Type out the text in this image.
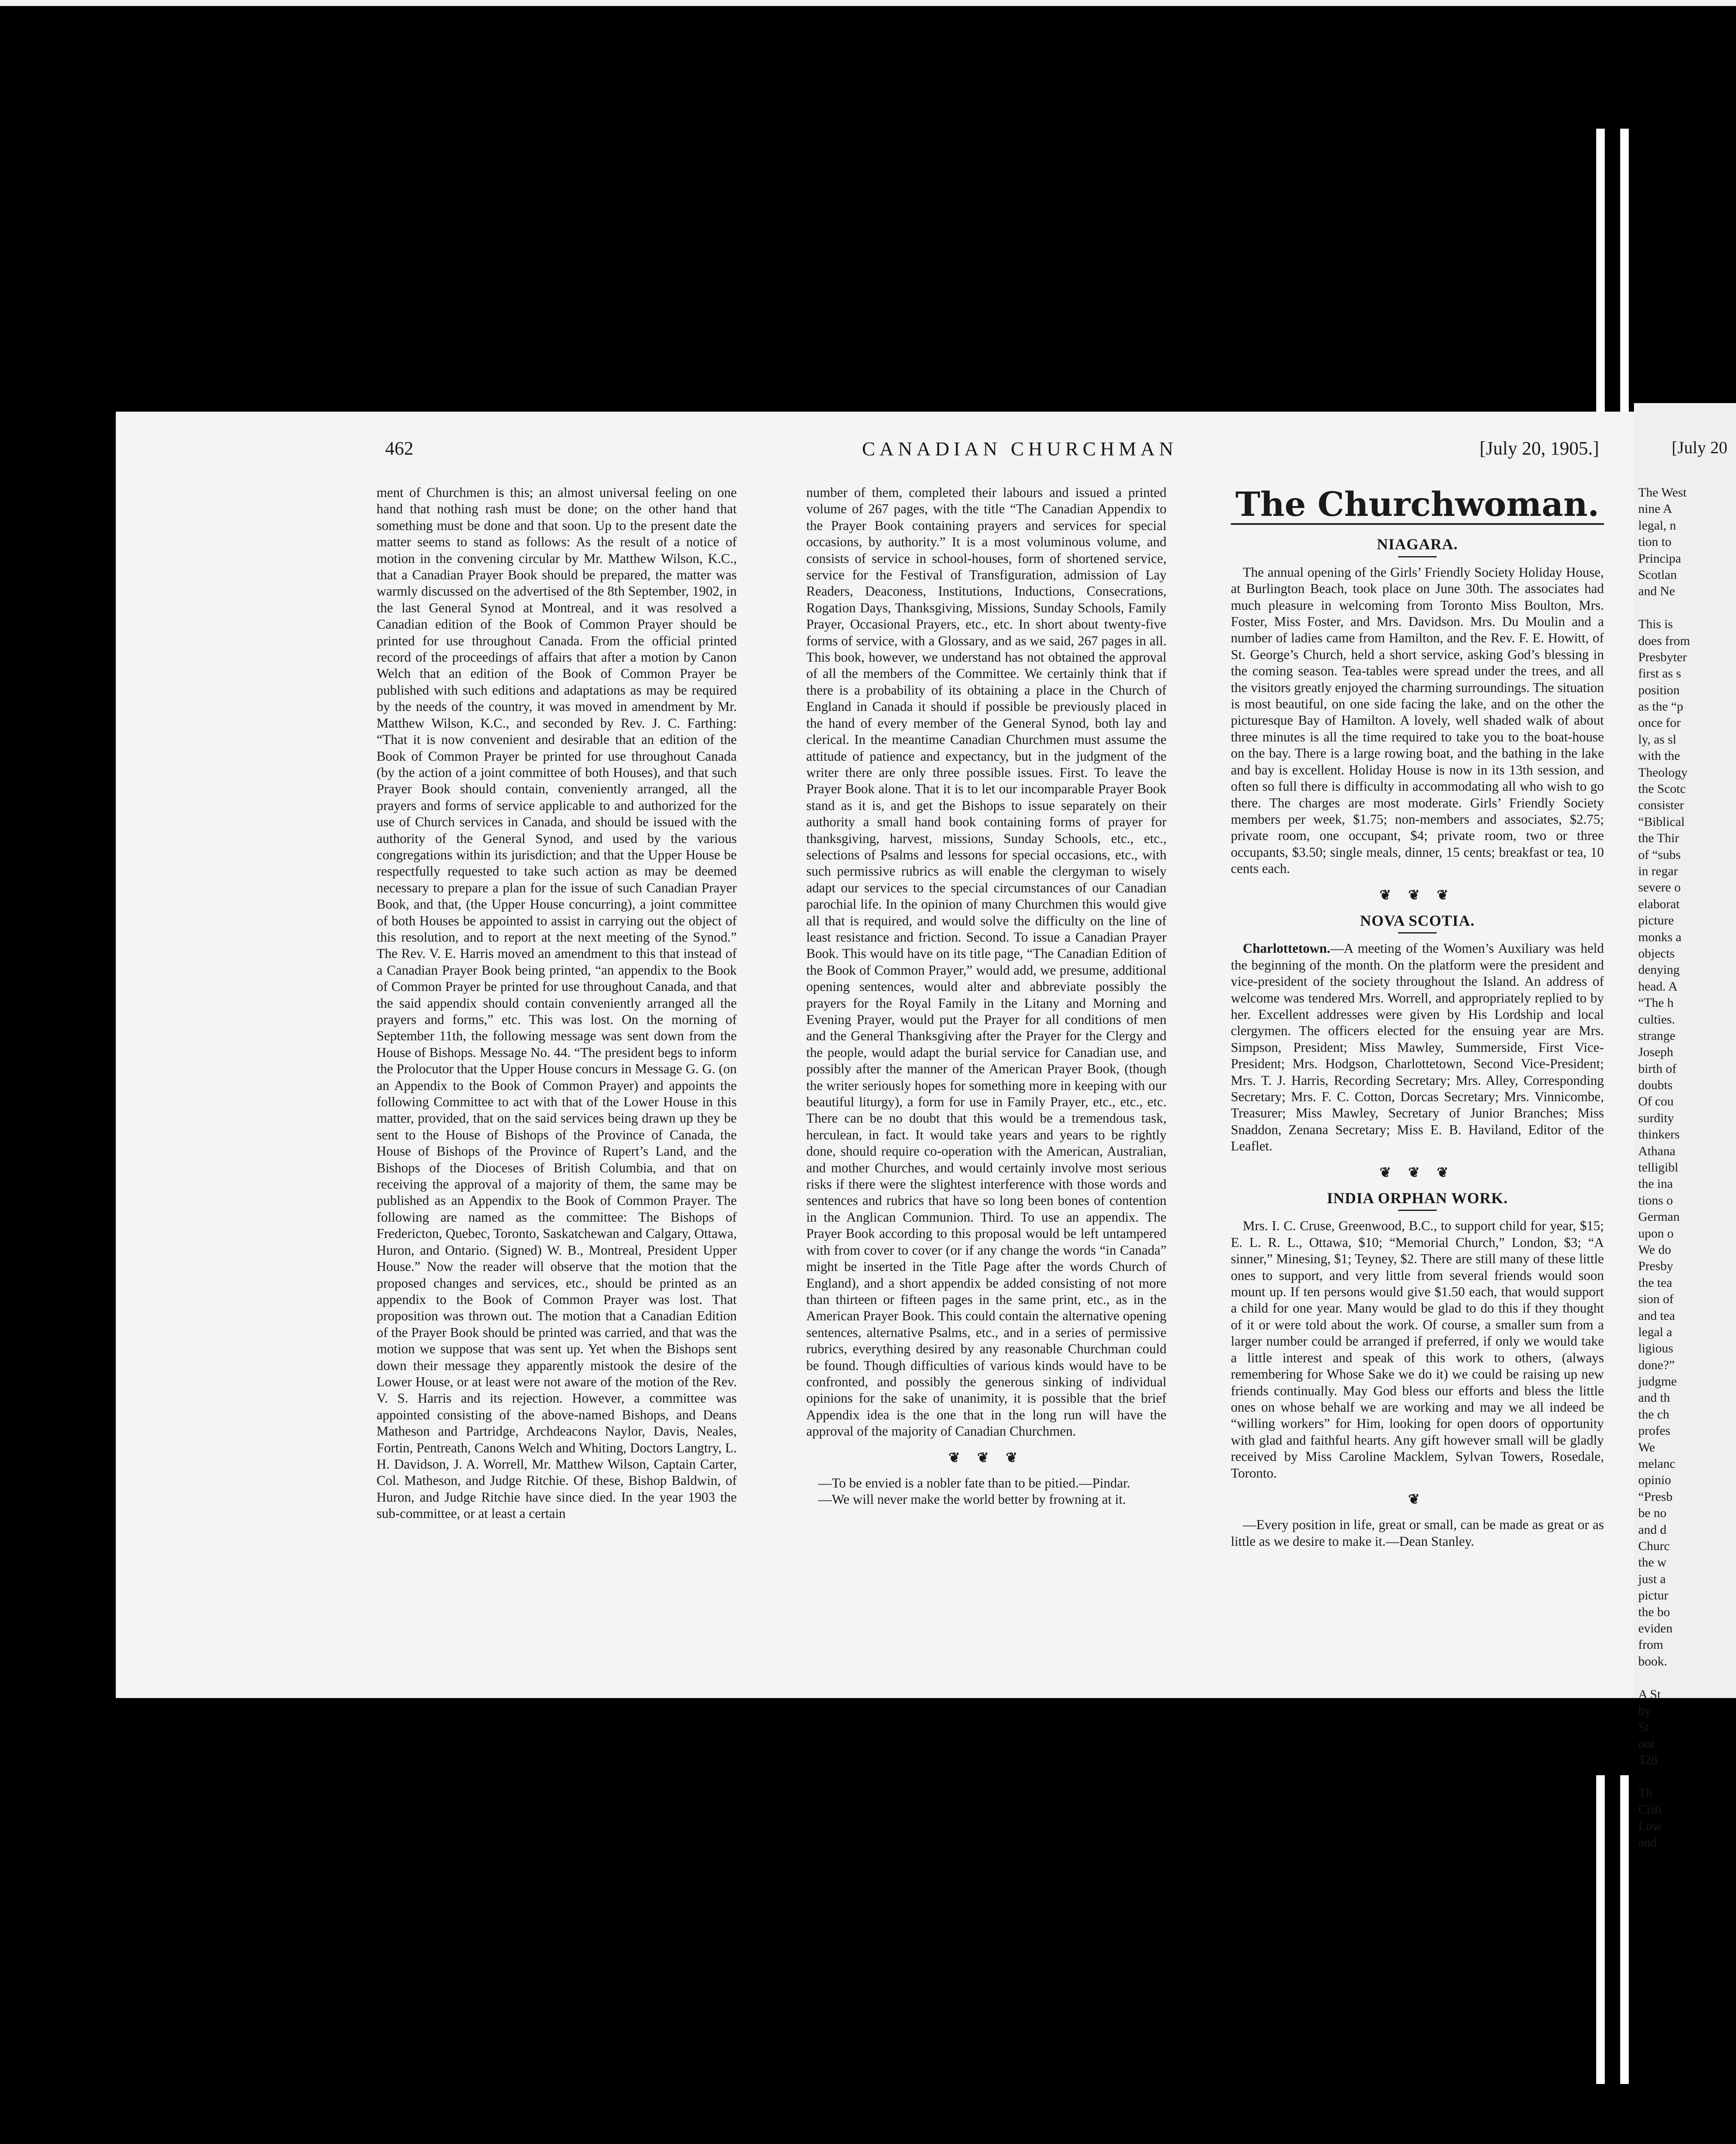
462	CANADIAN CHURCHMAN	[July 20, 1905.]

ment of Churchmen is this; an almost universal feeling on one hand that nothing rash must be done; on the other hand that something must be done and that soon. Up to the present date the matter seems to stand as follows: As the result of a notice of motion in the convening circular by Mr. Matthew Wilson, K.C., that a Canadian Prayer Book should be prepared, the matter was warmly discussed on the advertised of the 8th September, 1902, in the last General Synod at Montreal, and it was resolved a Canadian edition of the Book of Common Prayer should be printed for use throughout Canada. From the official printed record of the proceedings of affairs that after a motion by Canon Welch that an edition of the Book of Common Prayer be published with such editions and adaptations as may be required by the needs of the country, it was moved in amendment by Mr. Matthew Wilson, K.C., and seconded by Rev. J. C. Farthing: “That it is now convenient and desirable that an edition of the Book of Common Prayer be printed for use throughout Canada (by the action of a joint committee of both Houses), and that such Prayer Book should contain, conveniently arranged, all the prayers and forms of service applicable to and authorized for the use of Church services in Canada, and should be issued with the authority of the General Synod, and used by the various congregations within its jurisdiction; and that the Upper House be respectfully requested to take such action as may be deemed necessary to prepare a plan for the issue of such Canadian Prayer Book, and that, (the Upper House concurring), a joint committee of both Houses be appointed to assist in carrying out the object of this resolution, and to report at the next meeting of the Synod.” The Rev. V. E. Harris moved an amendment to this that instead of a Canadian Prayer Book being printed, “an appendix to the Book of Common Prayer be printed for use throughout Canada, and that the said appendix should contain conveniently arranged all the prayers and forms,” etc. This was lost. On the morning of September 11th, the following message was sent down from the House of Bishops. Message No. 44. “The president begs to inform the Prolocutor that the Upper House concurs in Message G. G. (on an Appendix to the Book of Common Prayer) and appoints the following Committee to act with that of the Lower House in this matter, provided, that on the said services being drawn up they be sent to the House of Bishops of the Province of Canada, the House of Bishops of the Province of Rupert’s Land, and the Bishops of the Dioceses of British Columbia, and that on receiving the approval of a majority of them, the same may be published as an Appendix to the Book of Common Prayer. The following are named as the committee: The Bishops of Fredericton, Quebec, Toronto, Saskatchewan and Calgary, Ottawa, Huron, and Ontario. (Signed) W. B., Montreal, President Upper House.” Now the reader will observe that the motion that the proposed changes and services, etc., should be printed as an appendix to the Book of Common Prayer was lost. That proposition was thrown out. The motion that a Canadian Edition of the Prayer Book should be printed was carried, and that was the motion we suppose that was sent up. Yet when the Bishops sent down their message they apparently mistook the desire of the Lower House, or at least were not aware of the motion of the Rev. V. S. Harris and its rejection. However, a committee was appointed consisting of the above-named Bishops, and Deans Matheson and Partridge, Archdeacons Naylor, Davis, Neales, Fortin, Pentreath, Canons Welch and Whiting, Doctors Langtry, L. H. Davidson, J. A. Worrell, Mr. Matthew Wilson, Captain Carter, Col. Matheson, and Judge Ritchie. Of these, Bishop Baldwin, of Huron, and Judge Ritchie have since died. In the year 1903 the sub-committee, or at least a certain

number of them, completed their labours and issued a printed volume of 267 pages, with the title “The Canadian Appendix to the Prayer Book containing prayers and services for special occasions, by authority.” It is a most voluminous volume, and consists of service in school-houses, form of shortened service, service for the Festival of Transfiguration, admission of Lay Readers, Deaconess, Institutions, Inductions, Consecrations, Rogation Days, Thanksgiving, Missions, Sunday Schools, Family Prayer, Occasional Prayers, etc., etc. In short about twenty-five forms of service, with a Glossary, and as we said, 267 pages in all. This book, however, we understand has not obtained the approval of all the members of the Committee. We certainly think that if there is a probability of its obtaining a place in the Church of England in Canada it should if possible be previously placed in the hand of every member of the General Synod, both lay and clerical. In the meantime Canadian Churchmen must assume the attitude of patience and expectancy, but in the judgment of the writer there are only three possible issues. First. To leave the Prayer Book alone. That it is to let our incomparable Prayer Book stand as it is, and get the Bishops to issue separately on their authority a small hand book containing forms of prayer for thanksgiving, harvest, missions, Sunday Schools, etc., etc., selections of Psalms and lessons for special occasions, etc., with such permissive rubrics as will enable the clergyman to wisely adapt our services to the special circumstances of our Canadian parochial life. In the opinion of many Churchmen this would give all that is required, and would solve the difficulty on the line of least resistance and friction. Second. To issue a Canadian Prayer Book. This would have on its title page, “The Canadian Edition of the Book of Common Prayer,” would add, we presume, additional opening sentences, would alter and abbreviate possibly the prayers for the Royal Family in the Litany and Morning and Evening Prayer, would put the Prayer for all conditions of men and the General Thanksgiving after the Prayer for the Clergy and the people, would adapt the burial service for Canadian use, and possibly after the manner of the American Prayer Book, (though the writer seriously hopes for something more in keeping with our beautiful liturgy), a form for use in Family Prayer, etc., etc., etc. There can be no doubt that this would be a tremendous task, herculean, in fact. It would take years and years to be rightly done, should require co-operation with the American, Australian, and mother Churches, and would certainly involve most serious risks if there were the slightest interference with those words and sentences and rubrics that have so long been bones of contention in the Anglican Communion. Third. To use an appendix. The Prayer Book according to this proposal would be left untampered with from cover to cover (or if any change the words “in Canada” might be inserted in the Title Page after the words Church of England), and a short appendix be added consisting of not more than thirteen or fifteen pages in the same print, etc., as in the American Prayer Book. This could contain the alternative opening sentences, alternative Psalms, etc., and in a series of permissive rubrics, everything desired by any reasonable Churchman could be found. Though difficulties of various kinds would have to be confronted, and possibly the generous sinking of individual opinions for the sake of unanimity, it is possible that the brief Appendix idea is the one that in the long run will have the approval of the majority of Canadian Churchmen.

❦ ❦ ❦

—To be envied is a nobler fate than to be pitied.—Pindar.

—We will never make the world better by frowning at it.

The Churchwoman.
NIAGARA.

The annual opening of the Girls’ Friendly Society Holiday House, at Burlington Beach, took place on June 30th. The associates had much pleasure in welcoming from Toronto Miss Boulton, Mrs. Foster, Miss Foster, and Mrs. Davidson. Mrs. Du Moulin and a number of ladies came from Hamilton, and the Rev. F. E. Howitt, of St. George’s Church, held a short service, asking God’s blessing in the coming season. Tea-tables were spread under the trees, and all the visitors greatly enjoyed the charming surroundings. The situation is most beautiful, on one side facing the lake, and on the other the picturesque Bay of Hamilton. A lovely, well shaded walk of about three minutes is all the time required to take you to the boat-house on the bay. There is a large rowing boat, and the bathing in the lake and bay is excellent. Holiday House is now in its 13th session, and often so full there is difficulty in accommodating all who wish to go there. The charges are most moderate. Girls’ Friendly Society members per week, $1.75; non-members and associates, $2.75; private room, one occupant, $4; private room, two or three occupants, $3.50; single meals, dinner, 15 cents; breakfast or tea, 10 cents each.

❦ ❦ ❦
NOVA SCOTIA.

Charlottetown.—A meeting of the Women’s Auxiliary was held the beginning of the month. On the platform were the president and vice-president of the society throughout the Island. An address of welcome was tendered Mrs. Worrell, and appropriately replied to by her. Excellent addresses were given by His Lordship and local clergymen. The officers elected for the ensuing year are Mrs. Simpson, President; Miss Mawley, Summerside, First Vice-President; Mrs. Hodgson, Charlottetown, Second Vice-President; Mrs. T. J. Harris, Recording Secretary; Mrs. Alley, Corresponding Secretary; Mrs. F. C. Cotton, Dorcas Secretary; Mrs. Vinnicombe, Treasurer; Miss Mawley, Secretary of Junior Branches; Miss Snaddon, Zenana Secretary; Miss E. B. Haviland, Editor of the Leaflet.

❦ ❦ ❦
INDIA ORPHAN WORK.

Mrs. I. C. Cruse, Greenwood, B.C., to support child for year, $15; E. L. R. L., Ottawa, $10; “Memorial Church,” London, $3; “A sinner,” Minesing, $1; Teyney, $2. There are still many of these little ones to support, and very little from several friends would soon mount up. If ten persons would give $1.50 each, that would support a child for one year. Many would be glad to do this if they thought of it or were told about the work. Of course, a smaller sum from a larger number could be arranged if preferred, if only we would take a little interest and speak of this work to others, (always remembering for Whose Sake we do it) we could be raising up new friends continually. May God bless our efforts and bless the little ones on whose behalf we are working and may we all indeed be “willing workers” for Him, looking for open doors of opportunity with glad and faithful hearts. Any gift however small will be gladly received by Miss Caroline Macklem, Sylvan Towers, Rosedale, Toronto.

❦

—Every position in life, great or small, can be made as great or as little as we desire to make it.—Dean Stanley.

[July 20
The West
nine A
legal, n
tion to
Principa
Scotlan
and Ne
This is
does from
Presbyter
first as s
position
as the “p
once for
ly, as sl
with the
Theology
the Scotc
consister
“Biblical
the Thir
of “subs
in regar
severe o
elaborat
picture
monks a
objects
denying
head. A
“The h
culties.
strange
Joseph
birth of
doubts
Of cou
surdity
thinkers
Athana
telligibl
the ina
tions o
German
upon o
We do
Presby
the tea
sion of
and tea
legal a
ligious
done?”
judgme
and th
the ch
profes
We
melanc
opinio
“Presb
be no
and d
Churc
the w
just a
pictur
the bo
eviden
from
book.
A St
by
St.
ont
328
Th
Criti
Low
and
